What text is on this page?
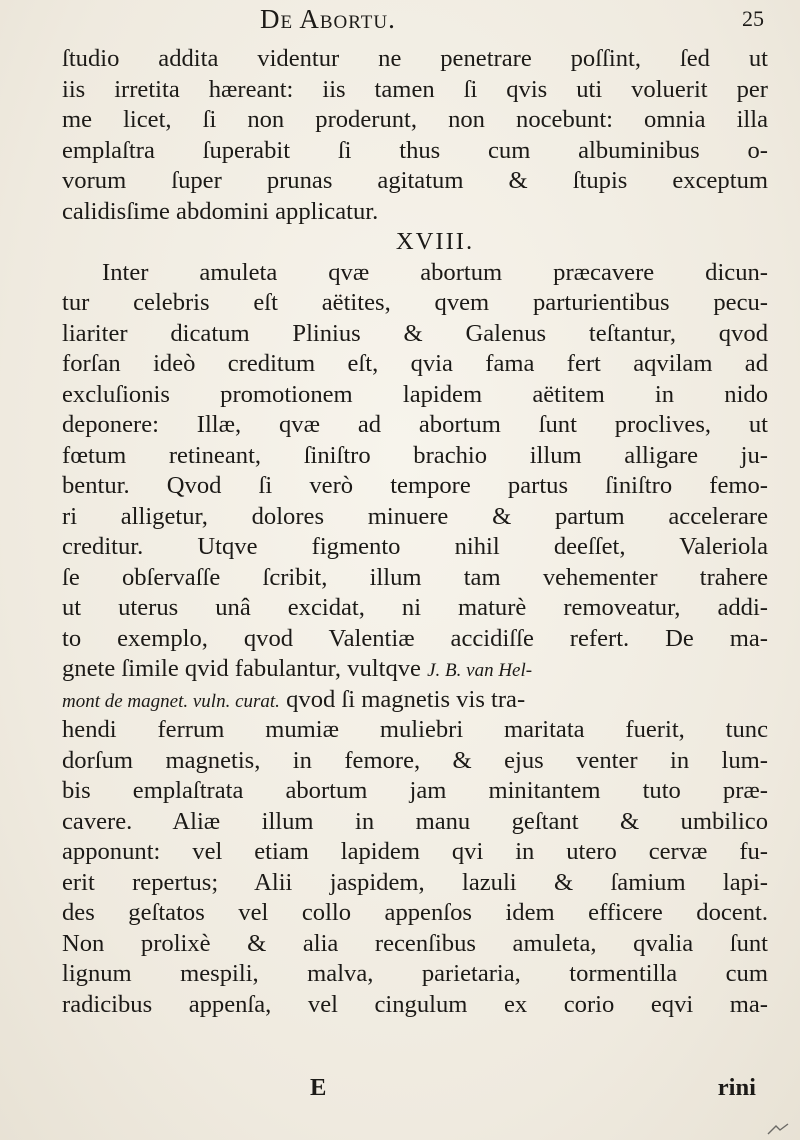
De Abortu.	25
ſtudio addita videntur ne penetrare poſſint, ſed ut
iis irretita hæreant: iis tamen ſi qvis uti voluerit per
me licet, ſi non proderunt, non nocebunt: omnia illa
emplaſtra ſuperabit ſi thus cum albuminibus o-
vorum ſuper prunas agitatum & ſtupis exceptum
calidisſime abdomini applicatur.
XVIII.
Inter amuleta qvæ abortum præcavere dicun-
tur celebris eſt aëtites, qvem parturientibus pecu-
liariter dicatum Plinius & Galenus teſtantur, qvod
forſan ideò creditum eſt, qvia fama fert aqvilam ad
excluſionis promotionem lapidem aëtitem in nido
deponere: Illæ, qvæ ad abortum ſunt proclives, ut
fœtum retineant, ſiniſtro brachio illum alligare ju-
bentur. Qvod ſi verò tempore partus ſiniſtro femo-
ri alligetur, dolores minuere & partum accelerare
creditur. Utqve figmento nihil deeſſet, Valeriola
ſe obſervaſſe ſcribit, illum tam vehementer trahere
ut uterus unâ excidat, ni maturè removeatur, addi-
to exemplo, qvod Valentiæ accidiſſe refert. De ma-
gnete ſimile qvid fabulantur, vultqve J. B. van Hel-
mont de magnet. vuln. curat. qvod ſi magnetis vis tra-
hendi ferrum mumiæ muliebri maritata fuerit, tunc
dorſum magnetis, in femore, & ejus venter in lum-
bis emplaſtrata abortum jam minitantem tuto præ-
cavere. Aliæ illum in manu geſtant & umbilico
apponunt: vel etiam lapidem qvi in utero cervæ fu-
erit repertus; Alii jaspidem, lazuli & ſamium lapi-
des geſtatos vel collo appenſos idem efficere docent.
Non prolixè & alia recenſibus amuleta, qvalia ſunt
lignum mespili, malva, parietaria, tormentilla cum
radicibus appenſa, vel cingulum ex corio eqvi ma-
E	rini
